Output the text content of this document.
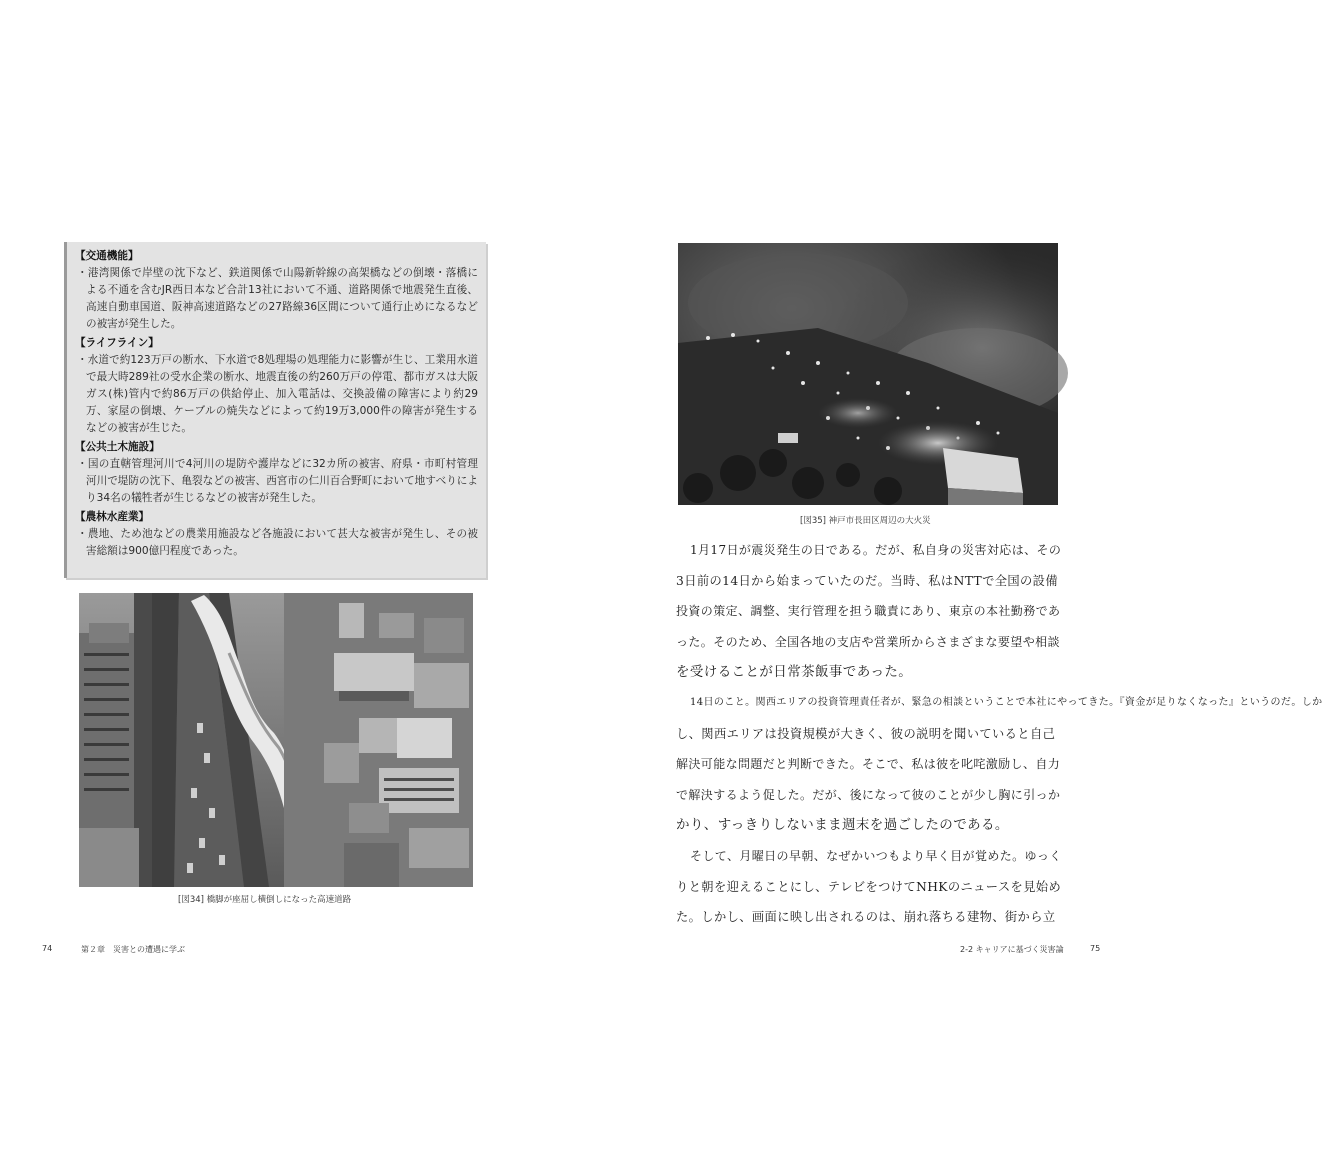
【交通機能】
・港湾関係で岸壁の沈下など、鉄道関係で山陽新幹線の高架橋などの倒壊・落橋による不通を含むJR西日本など合計13社において不通、道路関係で地震発生直後、高速自動車国道、阪神高速道路などの27路線36区間について通行止めになるなどの被害が発生した。
【ライフライン】
・水道で約123万戸の断水、下水道で8処理場の処理能力に影響が生じ、工業用水道で最大時289社の受水企業の断水、地震直後の約260万戸の停電、都市ガスは大阪ガス(株)管内で約86万戸の供給停止、加入電話は、交換設備の障害により約29万、家屋の倒壊、ケーブルの焼失などによって約19万3,000件の障害が発生するなどの被害が生じた。
【公共土木施設】
・国の直轄管理河川で4河川の堤防や護岸などに32カ所の被害、府県・市町村管理河川で堤防の沈下、亀裂などの被害、西宮市の仁川百合野町において地すべりにより34名の犠牲者が生じるなどの被害が発生した。
【農林水産業】
・農地、ため池などの農業用施設など各施設において甚大な被害が発生し、その被害総額は900億円程度であった。
[図34] 橋脚が座屈し横倒しになった高速道路
74	第２章　災害との遭遇に学ぶ
[図35] 神戸市長田区周辺の大火災

1月17日が震災発生の日である。だが、私自身の災害対応は、その

3日前の14日から始まっていたのだ。当時、私はNTTで全国の設備

投資の策定、調整、実行管理を担う職責にあり、東京の本社勤務であ

った。そのため、全国各地の支店や営業所からさまざまな要望や相談

を受けることが日常茶飯事であった。

14日のこと。関西エリアの投資管理責任者が、緊急の相談ということで本社にやってきた。『資金が足りなくなった』というのだ。しか

し、関西エリアは投資規模が大きく、彼の説明を聞いていると自己

解決可能な問題だと判断できた。そこで、私は彼を叱咤激励し、自力

で解決するよう促した。だが、後になって彼のことが少し胸に引っか

かり、すっきりしないまま週末を過ごしたのである。

そして、月曜日の早朝、なぜかいつもより早く目が覚めた。ゆっく

りと朝を迎えることにし、テレビをつけてNHKのニュースを見始め

た。しかし、画面に映し出されるのは、崩れ落ちる建物、街から立

2-2 キャリアに基づく災害論	75
